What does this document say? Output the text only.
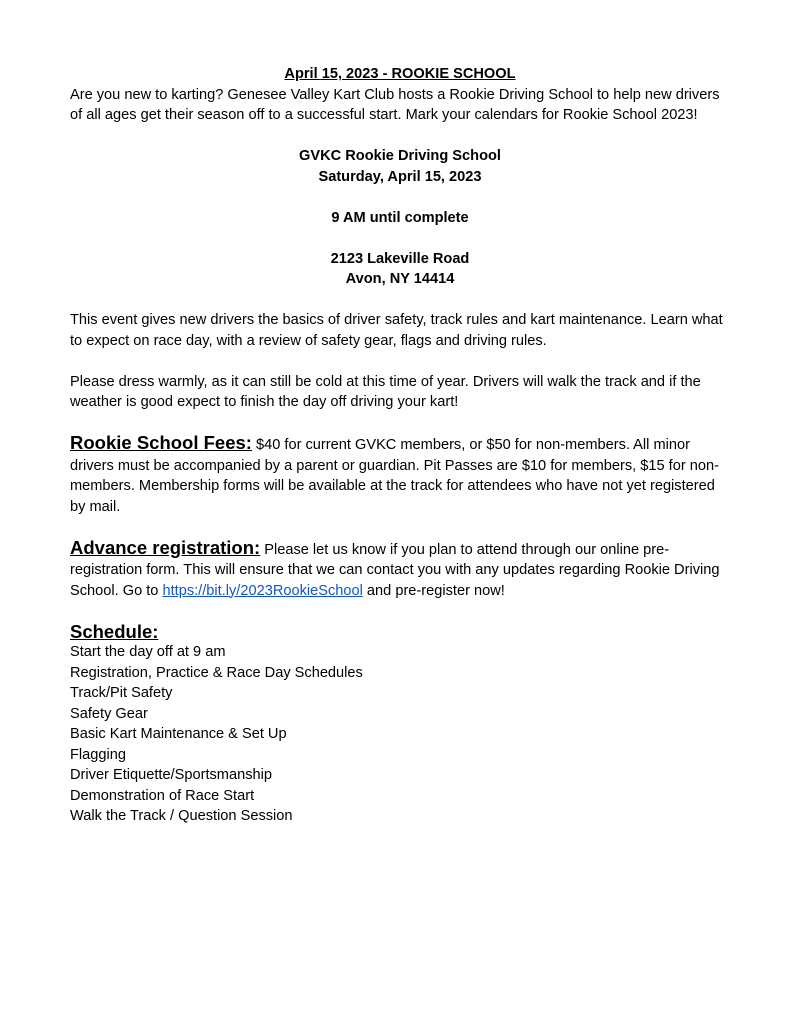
April 15, 2023 - ROOKIE SCHOOL

Are you new to karting? Genesee Valley Kart Club hosts a Rookie Driving School to help new drivers of all ages get their season off to a successful start. Mark your calendars for Rookie School 2023!

GVKC Rookie Driving School

Saturday, April 15, 2023

9 AM until complete

2123 Lakeville Road

Avon, NY 14414

This event gives new drivers the basics of driver safety, track rules and kart maintenance. Learn what to expect on race day, with a review of safety gear, flags and driving rules.

Please dress warmly, as it can still be cold at this time of year. Drivers will walk the track and if the weather is good expect to finish the day off driving your kart!

Rookie School Fees: $40 for current GVKC members, or $50 for non-members. All minor drivers must be accompanied by a parent or guardian. Pit Passes are $10 for members, $15 for non-members. Membership forms will be available at the track for attendees who have not yet registered by mail.

Advance registration: Please let us know if you plan to attend through our online pre-registration form. This will ensure that we can contact you with any updates regarding Rookie Driving School. Go to https://bit.ly/2023RookieSchool and pre-register now!

Schedule:

Start the day off at 9 am
Registration, Practice & Race Day Schedules
Track/Pit Safety
Safety Gear
Basic Kart Maintenance & Set Up
Flagging
Driver Etiquette/Sportsmanship
Demonstration of Race Start
Walk the Track / Question Session
